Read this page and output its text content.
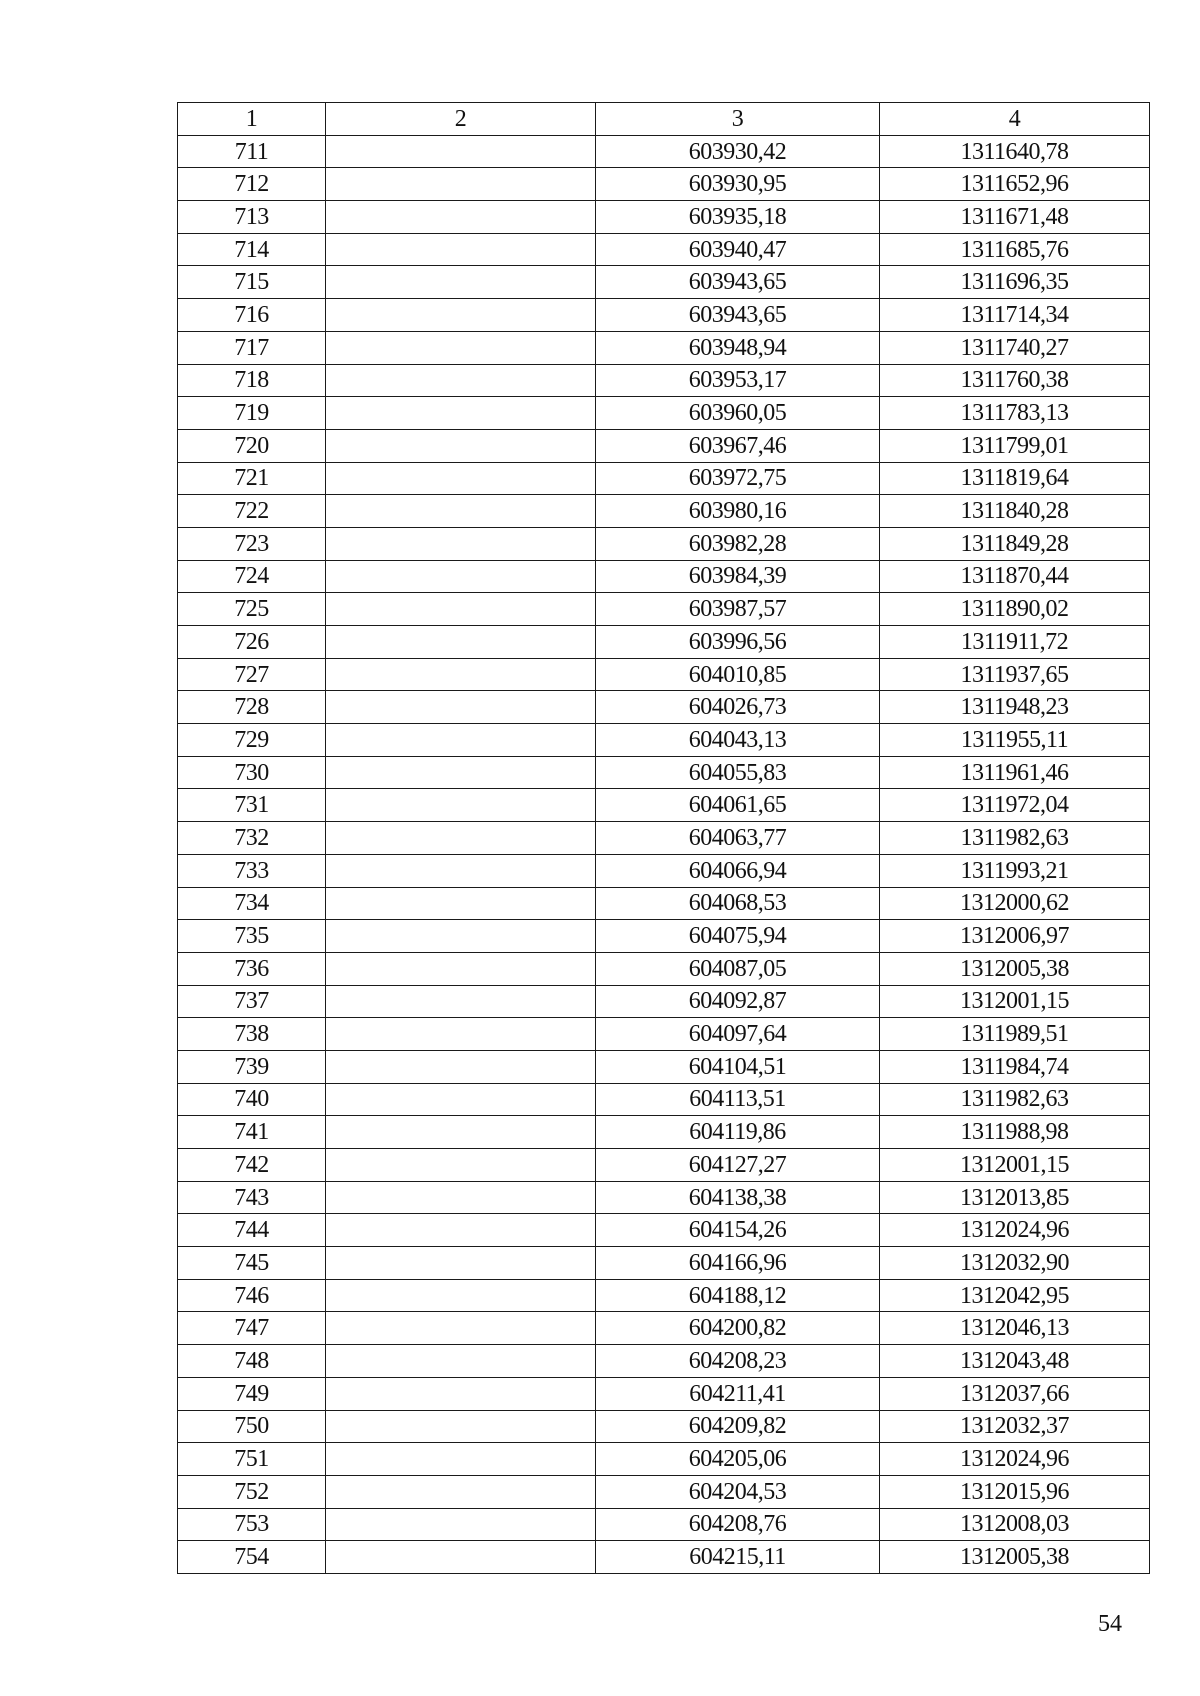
1	2	3	4
711		603930,42	1311640,78
712		603930,95	1311652,96
713		603935,18	1311671,48
714		603940,47	1311685,76
715		603943,65	1311696,35
716		603943,65	1311714,34
717		603948,94	1311740,27
718		603953,17	1311760,38
719		603960,05	1311783,13
720		603967,46	1311799,01
721		603972,75	1311819,64
722		603980,16	1311840,28
723		603982,28	1311849,28
724		603984,39	1311870,44
725		603987,57	1311890,02
726		603996,56	1311911,72
727		604010,85	1311937,65
728		604026,73	1311948,23
729		604043,13	1311955,11
730		604055,83	1311961,46
731		604061,65	1311972,04
732		604063,77	1311982,63
733		604066,94	1311993,21
734		604068,53	1312000,62
735		604075,94	1312006,97
736		604087,05	1312005,38
737		604092,87	1312001,15
738		604097,64	1311989,51
739		604104,51	1311984,74
740		604113,51	1311982,63
741		604119,86	1311988,98
742		604127,27	1312001,15
743		604138,38	1312013,85
744		604154,26	1312024,96
745		604166,96	1312032,90
746		604188,12	1312042,95
747		604200,82	1312046,13
748		604208,23	1312043,48
749		604211,41	1312037,66
750		604209,82	1312032,37
751		604205,06	1312024,96
752		604204,53	1312015,96
753		604208,76	1312008,03
754		604215,11	1312005,38
54
